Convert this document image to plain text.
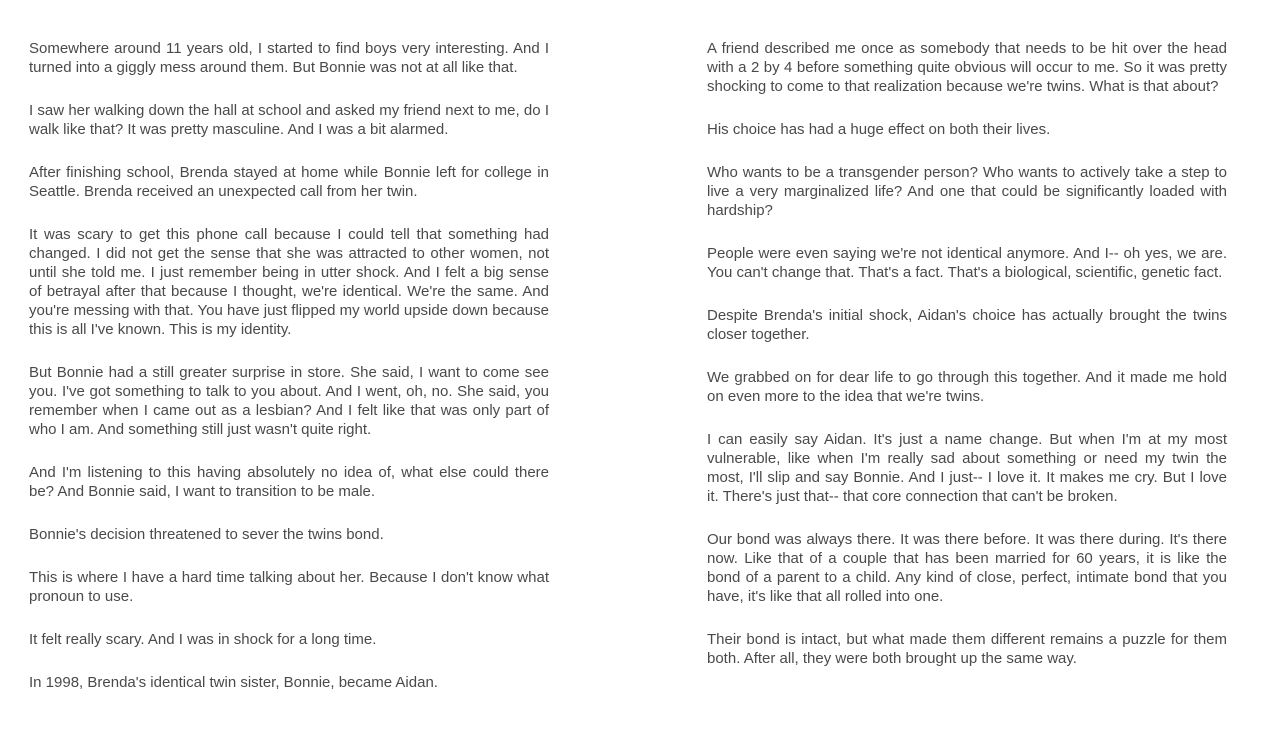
Somewhere around 11 years old, I started to find boys very interesting. And I turned into a giggly mess around them. But Bonnie was not at all like that.

I saw her walking down the hall at school and asked my friend next to me, do I walk like that? It was pretty masculine. And I was a bit alarmed.

After finishing school, Brenda stayed at home while Bonnie left for college in Seattle. Brenda received an unexpected call from her twin.

It was scary to get this phone call because I could tell that something had changed. I did not get the sense that she was attracted to other women, not until she told me. I just remember being in utter shock. And I felt a big sense of betrayal after that because I thought, we're identical. We're the same. And you're messing with that. You have just flipped my world upside down because this is all I've known. This is my identity.

But Bonnie had a still greater surprise in store. She said, I want to come see you. I've got something to talk to you about. And I went, oh, no. She said, you remember when I came out as a lesbian? And I felt like that was only part of who I am. And something still just wasn't quite right.

And I'm listening to this having absolutely no idea of, what else could there be? And Bonnie said, I want to transition to be male.

Bonnie's decision threatened to sever the twins bond.

This is where I have a hard time talking about her. Because I don't know what pronoun to use.

It felt really scary. And I was in shock for a long time.

In 1998, Brenda's identical twin sister, Bonnie, became Aidan.

A friend described me once as somebody that needs to be hit over the head with a 2 by 4 before something quite obvious will occur to me. So it was pretty shocking to come to that realization because we're twins. What is that about?

His choice has had a huge effect on both their lives.

Who wants to be a transgender person? Who wants to actively take a step to live a very marginalized life? And one that could be significantly loaded with hardship?

People were even saying we're not identical anymore. And I-- oh yes, we are. You can't change that. That's a fact. That's a biological, scientific, genetic fact.

Despite Brenda's initial shock, Aidan's choice has actually brought the twins closer together.

We grabbed on for dear life to go through this together. And it made me hold on even more to the idea that we're twins.

I can easily say Aidan. It's just a name change. But when I'm at my most vulnerable, like when I'm really sad about something or need my twin the most, I'll slip and say Bonnie. And I just-- I love it. It makes me cry. But I love it. There's just that-- that core connection that can't be broken.

Our bond was always there. It was there before. It was there during. It's there now. Like that of a couple that has been married for 60 years, it is like the bond of a parent to a child. Any kind of close, perfect, intimate bond that you have, it's like that all rolled into one.

Their bond is intact, but what made them different remains a puzzle for them both. After all, they were both brought up the same way.
